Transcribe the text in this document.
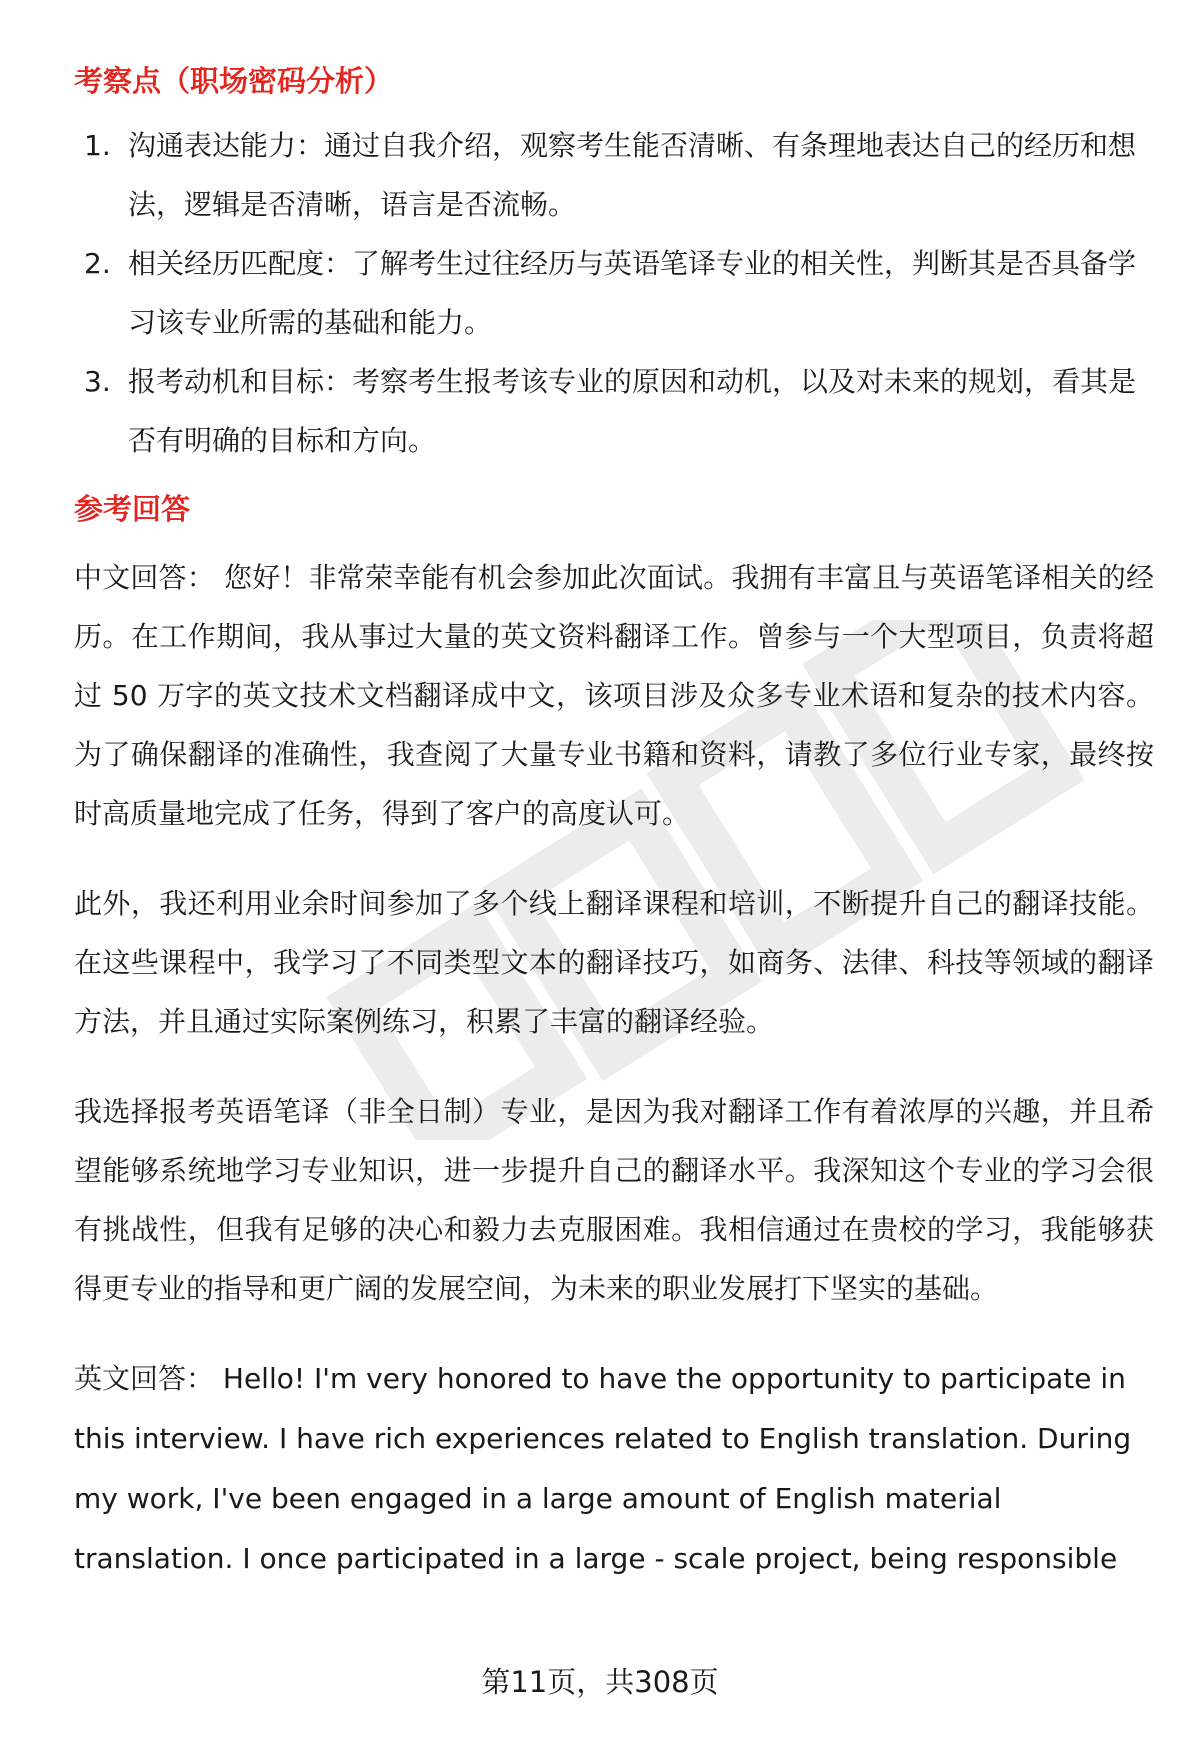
考察点（职场密码分析）

1. 沟通表达能力：通过自我介绍，观察考生能否清晰、有条理地表达自己的经历和想法，逻辑是否清晰，语言是否流畅。

2. 相关经历匹配度：了解考生过往经历与英语笔译专业的相关性，判断其是否具备学习该专业所需的基础和能力。

3. 报考动机和目标：考察考生报考该专业的原因和动机，以及对未来的规划，看其是否有明确的目标和方向。

参考回答

中文回答： 您好！非常荣幸能有机会参加此次面试。我拥有丰富且与英语笔译相关的经历。在工作期间，我从事过大量的英文资料翻译工作。曾参与一个大型项目，负责将超过 50 万字的英文技术文档翻译成中文，该项目涉及众多专业术语和复杂的技术内容。为了确保翻译的准确性，我查阅了大量专业书籍和资料，请教了多位行业专家，最终按时高质量地完成了任务，得到了客户的高度认可。

此外，我还利用业余时间参加了多个线上翻译课程和培训，不断提升自己的翻译技能。在这些课程中，我学习了不同类型文本的翻译技巧，如商务、法律、科技等领域的翻译方法，并且通过实际案例练习，积累了丰富的翻译经验。

我选择报考英语笔译（非全日制）专业，是因为我对翻译工作有着浓厚的兴趣，并且希望能够系统地学习专业知识，进一步提升自己的翻译水平。我深知这个专业的学习会很有挑战性，但我有足够的决心和毅力去克服困难。我相信通过在贵校的学习，我能够获得更专业的指导和更广阔的发展空间，为未来的职业发展打下坚实的基础。

英文回答： Hello! I'm very honored to have the opportunity to participate in this interview. I have rich experiences related to English translation. During my work, I've been engaged in a large amount of English material translation. I once participated in a large - scale project, being responsible

第11页，共308页
